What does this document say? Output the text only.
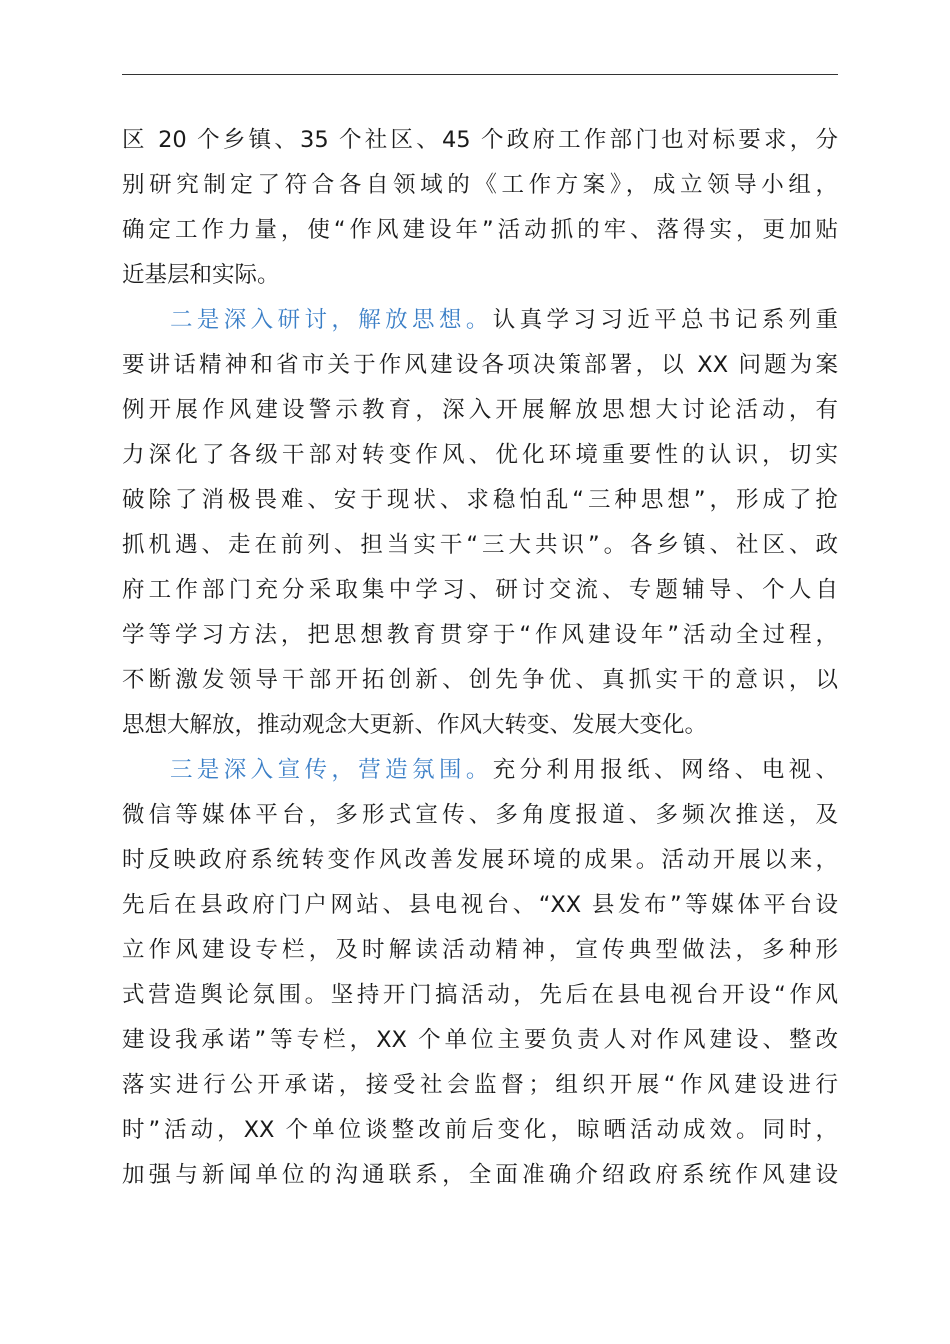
区 20 个乡镇、35 个社区、45 个政府工作部门也对标要求，分
别研究制定了符合各自领域的《工作方案》，成立领导小组，
确定工作力量，使“作风建设年”活动抓的牢、落得实，更加贴
近基层和实际。
二是深入研讨，解放思想。认真学习习近平总书记系列重
要讲话精神和省市关于作风建设各项决策部署，以 XX 问题为案
例开展作风建设警示教育，深入开展解放思想大讨论活动，有
力深化了各级干部对转变作风、优化环境重要性的认识，切实
破除了消极畏难、安于现状、求稳怕乱“三种思想”，形成了抢
抓机遇、走在前列、担当实干“三大共识”。各乡镇、社区、政
府工作部门充分采取集中学习、研讨交流、专题辅导、个人自
学等学习方法，把思想教育贯穿于“作风建设年”活动全过程，
不断激发领导干部开拓创新、创先争优、真抓实干的意识，以
思想大解放，推动观念大更新、作风大转变、发展大变化。
三是深入宣传，营造氛围。充分利用报纸、网络、电视、
微信等媒体平台，多形式宣传、多角度报道、多频次推送，及
时反映政府系统转变作风改善发展环境的成果。活动开展以来，
先后在县政府门户网站、县电视台、“XX 县发布”等媒体平台设
立作风建设专栏，及时解读活动精神，宣传典型做法，多种形
式营造舆论氛围。坚持开门搞活动，先后在县电视台开设“作风
建设我承诺”等专栏，XX 个单位主要负责人对作风建设、整改
落实进行公开承诺，接受社会监督；组织开展“作风建设进行
时”活动，XX 个单位谈整改前后变化，晾晒活动成效。同时，
加强与新闻单位的沟通联系，全面准确介绍政府系统作风建设
